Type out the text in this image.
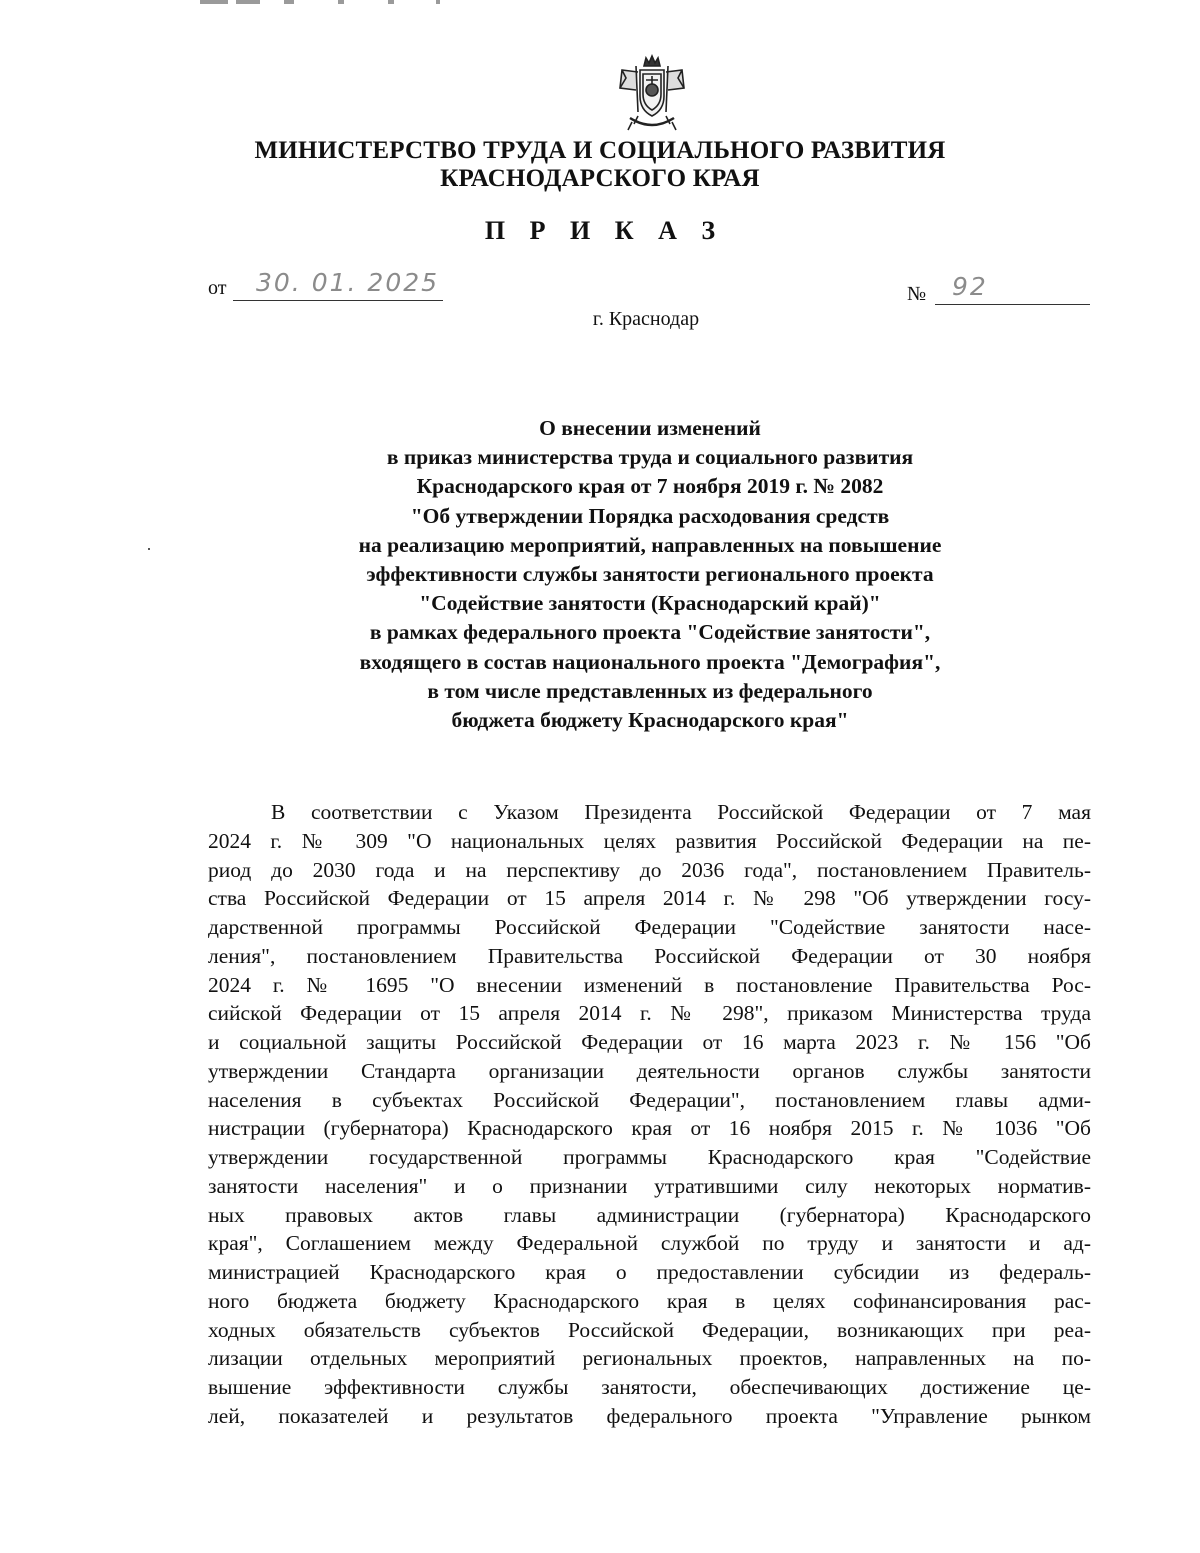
МИНИСТЕРСТВО ТРУДА И СОЦИАЛЬНОГО РАЗВИТИЯ
КРАСНОДАРСКОГО КРАЯ
П Р И К А З
от 30. 01. 2025	№ 92
г. Краснодар
О внесении изменений
в приказ министерства труда и социального развития
Краснодарского края от 7 ноября 2019 г. № 2082
"Об утверждении Порядка расходования средств
на реализацию мероприятий, направленных на повышение
эффективности службы занятости регионального проекта
"Содействие занятости (Краснодарский край)"
в рамках федерального проекта "Содействие занятости",
входящего в состав национального проекта "Демография",
в том числе представленных из федерального
бюджета бюджету Краснодарского края"
В соответствии с Указом Президента Российской Федерации от 7 мая
2024 г. № 309 "О национальных целях развития Российской Федерации на пе-
риод до 2030 года и на перспективу до 2036 года", постановлением Правитель-
ства Российской Федерации от 15 апреля 2014 г. № 298 "Об утверждении госу-
дарственной программы Российской Федерации "Содействие занятости насе-
ления", постановлением Правительства Российской Федерации от 30 ноября
2024 г. № 1695 "О внесении изменений в постановление Правительства Рос-
сийской Федерации от 15 апреля 2014 г. № 298", приказом Министерства труда
и социальной защиты Российской Федерации от 16 марта 2023 г. № 156 "Об
утверждении Стандарта организации деятельности органов службы занятости
населения в субъектах Российской Федерации", постановлением главы адми-
нистрации (губернатора) Краснодарского края от 16 ноября 2015 г. № 1036 "Об
утверждении государственной программы Краснодарского края "Содействие
занятости населения" и о признании утратившими силу некоторых норматив-
ных правовых актов главы администрации (губернатора) Краснодарского
края", Соглашением между Федеральной службой по труду и занятости и ад-
министрацией Краснодарского края о предоставлении субсидии из федераль-
ного бюджета бюджету Краснодарского края в целях софинансирования рас-
ходных обязательств субъектов Российской Федерации, возникающих при реа-
лизации отдельных мероприятий региональных проектов, направленных на по-
вышение эффективности службы занятости, обеспечивающих достижение це-
лей, показателей и результатов федерального проекта "Управление рынком
